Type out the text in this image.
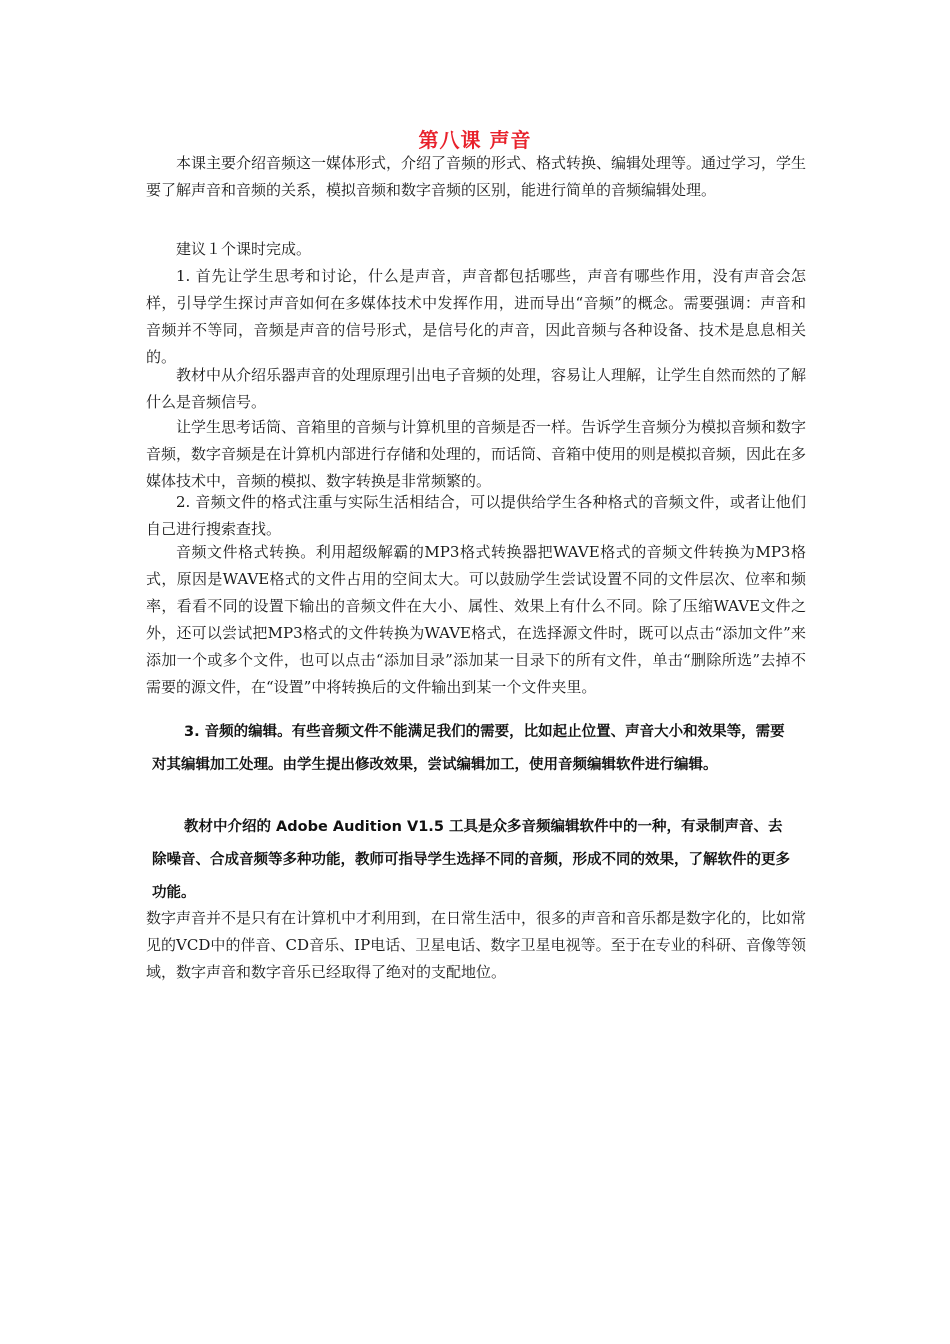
第八课 声音

本课主要介绍音频这一媒体形式，介绍了音频的形式、格式转换、编辑处理等。通过学习，学生要了解声音和音频的关系，模拟音频和数字音频的区别，能进行简单的音频编辑处理。

建议１个课时完成。

1. 首先让学生思考和讨论，什么是声音，声音都包括哪些，声音有哪些作用，没有声音会怎样，引导学生探讨声音如何在多媒体技术中发挥作用，进而导出“音频”的概念。需要强调：声音和音频并不等同，音频是声音的信号形式，是信号化的声音，因此音频与各种设备、技术是息息相关的。

教材中从介绍乐器声音的处理原理引出电子音频的处理，容易让人理解，让学生自然而然的了解什么是音频信号。

让学生思考话筒、音箱里的音频与计算机里的音频是否一样。告诉学生音频分为模拟音频和数字音频，数字音频是在计算机内部进行存储和处理的，而话筒、音箱中使用的则是模拟音频，因此在多媒体技术中，音频的模拟、数字转换是非常频繁的。

2. 音频文件的格式注重与实际生活相结合，可以提供给学生各种格式的音频文件，或者让他们自己进行搜索查找。

音频文件格式转换。利用超级解霸的MP3格式转换器把WAVE格式的音频文件转换为MP3格式，原因是WAVE格式的文件占用的空间太大。可以鼓励学生尝试设置不同的文件层次、位率和频率，看看不同的设置下输出的音频文件在大小、属性、效果上有什么不同。除了压缩WAVE文件之外，还可以尝试把MP3格式的文件转换为WAVE格式，在选择源文件时，既可以点击“添加文件”来添加一个或多个文件，也可以点击“添加目录”添加某一目录下的所有文件，单击“删除所选”去掉不需要的源文件，在“设置”中将转换后的文件输出到某一个文件夹里。

3. 音频的编辑。有些音频文件不能满足我们的需要，比如起止位置、声音大小和效果等，需要对其编辑加工处理。由学生提出修改效果，尝试编辑加工，使用音频编辑软件进行编辑。

教材中介绍的 Adobe Audition V1.5 工具是众多音频编辑软件中的一种，有录制声音、去除噪音、合成音频等多种功能，教师可指导学生选择不同的音频，形成不同的效果，了解软件的更多功能。

数字声音并不是只有在计算机中才利用到，在日常生活中，很多的声音和音乐都是数字化的，比如常见的VCD中的伴音、CD音乐、IP电话、卫星电话、数字卫星电视等。至于在专业的科研、音像等领域，数字声音和数字音乐已经取得了绝对的支配地位。
